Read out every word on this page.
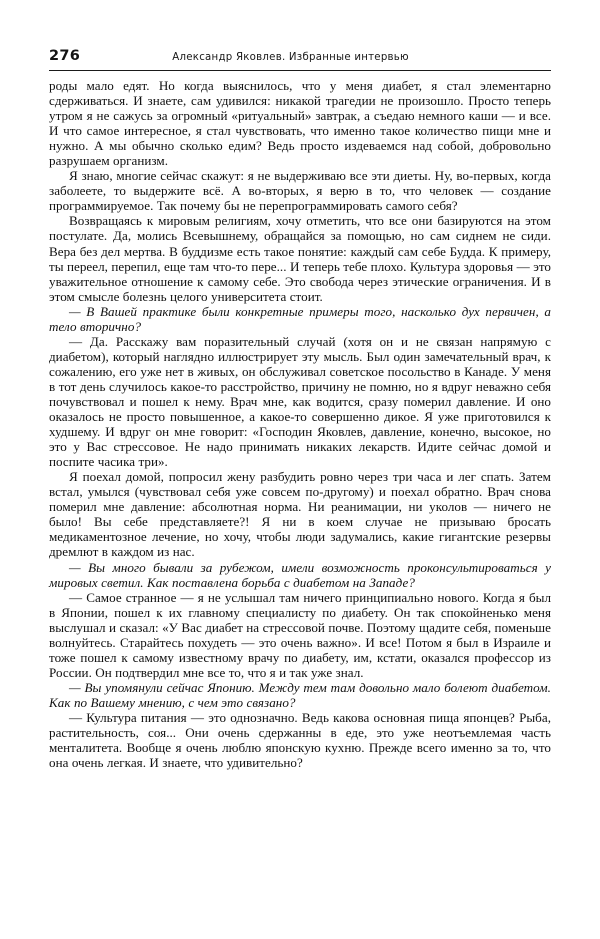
276	Александр Яковлев. Избранные интервью

роды мало едят. Но когда выяснилось, что у меня диабет, я стал элементарно сдерживаться. И знаете, сам удивился: никакой трагедии не произошло. Просто теперь утром я не сажусь за огромный «ритуальный» завтрак, а съедаю немного каши — и все. И что самое интересное, я стал чувствовать, что именно такое количество пищи мне и нужно. А мы обычно сколько едим? Ведь просто издеваемся над собой, добровольно разрушаем организм.

Я знаю, многие сейчас скажут: я не выдерживаю все эти диеты. Ну, во-первых, когда заболеете, то выдержите всё. А во-вторых, я верю в то, что человек — создание программируемое. Так почему бы не перепрограммировать самого себя?

Возвращаясь к мировым религиям, хочу отметить, что все они базируются на этом постулате. Да, молись Всевышнему, обращайся за помощью, но сам сиднем не сиди. Вера без дел мертва. В буддизме есть такое понятие: каждый сам себе Будда. К примеру, ты переел, перепил, еще там что-то пере... И теперь тебе плохо. Культура здоровья — это уважительное отношение к самому себе. Это свобода через этические ограничения. И в этом смысле болезнь целого университета стоит.

— В Вашей практике были конкретные примеры того, насколько дух первичен, а тело вторично?

— Да. Расскажу вам поразительный случай (хотя он и не связан напрямую с диабетом), который наглядно иллюстрирует эту мысль. Был один замечательный врач, к сожалению, его уже нет в живых, он обслуживал советское посольство в Канаде. У меня в тот день случилось какое-то расстройство, причину не помню, но я вдруг неважно себя почувствовал и пошел к нему. Врач мне, как водится, сразу померил давление. И оно оказалось не просто повышенное, а какое-то совершенно дикое. Я уже приготовился к худшему. И вдруг он мне говорит: «Господин Яковлев, давление, конечно, высокое, но это у Вас стрессовое. Не надо принимать никаких лекарств. Идите сейчас домой и поспите часика три».

Я поехал домой, попросил жену разбудить ровно через три часа и лег спать. Затем встал, умылся (чувствовал себя уже совсем по-другому) и поехал обратно. Врач снова померил мне давление: абсолютная норма. Ни реанимации, ни уколов — ничего не было! Вы себе представляете?! Я ни в коем случае не призываю бросать медикаментозное лечение, но хочу, чтобы люди задумались, какие гигантские резервы дремлют в каждом из нас.

— Вы много бывали за рубежом, имели возможность проконсультироваться у мировых светил. Как поставлена борьба с диабетом на Западе?

— Самое странное — я не услышал там ничего принципиально нового. Когда я был в Японии, пошел к их главному специалисту по диабету. Он так спокойненько меня выслушал и сказал: «У Вас диабет на стрессовой почве. Поэтому щадите себя, поменьше волнуйтесь. Старайтесь похудеть — это очень важно». И все! Потом я был в Израиле и тоже пошел к самому известному врачу по диабету, им, кстати, оказался профессор из России. Он подтвердил мне все то, что я и так уже знал.

— Вы упомянули сейчас Японию. Между тем там довольно мало болеют диабетом. Как по Вашему мнению, с чем это связано?

— Культура питания — это однозначно. Ведь какова основная пища японцев? Рыба, растительность, соя... Они очень сдержанны в еде, это уже неотъемлемая часть менталитета. Вообще я очень люблю японскую кухню. Прежде всего именно за то, что она очень легкая. И знаете, что удивительно?
